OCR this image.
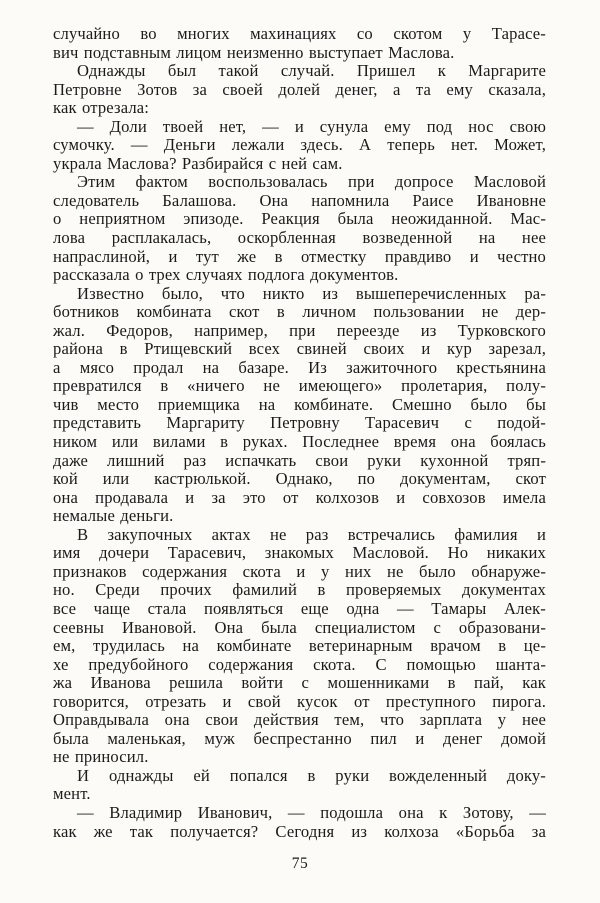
случайно во многих махинациях со скотом у Тарасе-
вич подставным лицом неизменно выступает Маслова.
Однажды был такой случай. Пришел к Маргарите
Петровне Зотов за своей долей денег, а та ему сказала,
как отрезала:
— Доли твоей нет, — и сунула ему под нос свою
сумочку. — Деньги лежали здесь. А теперь нет. Может,
украла Маслова? Разбирайся с ней сам.
Этим фактом воспользовалась при допросе Масловой
следователь Балашова. Она напомнила Раисе Ивановне
о неприятном эпизоде. Реакция была неожиданной. Мас-
лова расплакалась, оскорбленная возведенной на нее
напраслиной, и тут же в отместку правдиво и честно
рассказала о трех случаях подлога документов.
Известно было, что никто из вышеперечисленных ра-
ботников комбината скот в личном пользовании не дер-
жал. Федоров, например, при переезде из Турковского
района в Ртищевский всех свиней своих и кур зарезал,
а мясо продал на базаре. Из зажиточного крестьянина
превратился в «ничего не имеющего» пролетария, полу-
чив место приемщика на комбинате. Смешно было бы
представить Маргариту Петровну Тарасевич с подой-
ником или вилами в руках. Последнее время она боялась
даже лишний раз испачкать свои руки кухонной тряп-
кой или кастрюлькой. Однако, по документам, скот
она продавала и за это от колхозов и совхозов имела
немалые деньги.
В закупочных актах не раз встречались фамилия и
имя дочери Тарасевич, знакомых Масловой. Но никаких
признаков содержания скота и у них не было обнаруже-
но. Среди прочих фамилий в проверяемых документах
все чаще стала появляться еще одна — Тамары Алек-
сеевны Ивановой. Она была специалистом с образовани-
ем, трудилась на комбинате ветеринарным врачом в це-
хе предубойного содержания скота. С помощью шанта-
жа Иванова решила войти с мошенниками в пай, как
говорится, отрезать и свой кусок от преступного пирога.
Оправдывала она свои действия тем, что зарплата у нее
была маленькая, муж беспрестанно пил и денег домой
не приносил.
И однажды ей попался в руки вожделенный доку-
мент.
— Владимир Иванович, — подошла она к Зотову, —
как же так получается? Сегодня из колхоза «Борьба за
75
